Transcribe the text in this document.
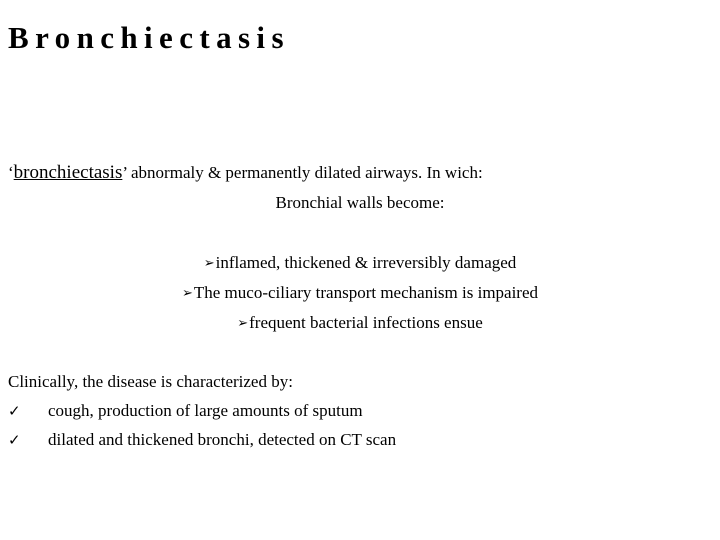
Bronchiectasis

‘bronchiectasis’ abnormaly & permanently dilated airways. In wich:

Bronchial walls become:

➢inflamed, thickened & irreversibly damaged

➢The muco-ciliary transport mechanism is impaired

➢frequent bacterial infections ensue

Clinically, the disease is characterized by:

✓ cough, production of large amounts of sputum

✓ dilated and thickened bronchi, detected on CT scan
